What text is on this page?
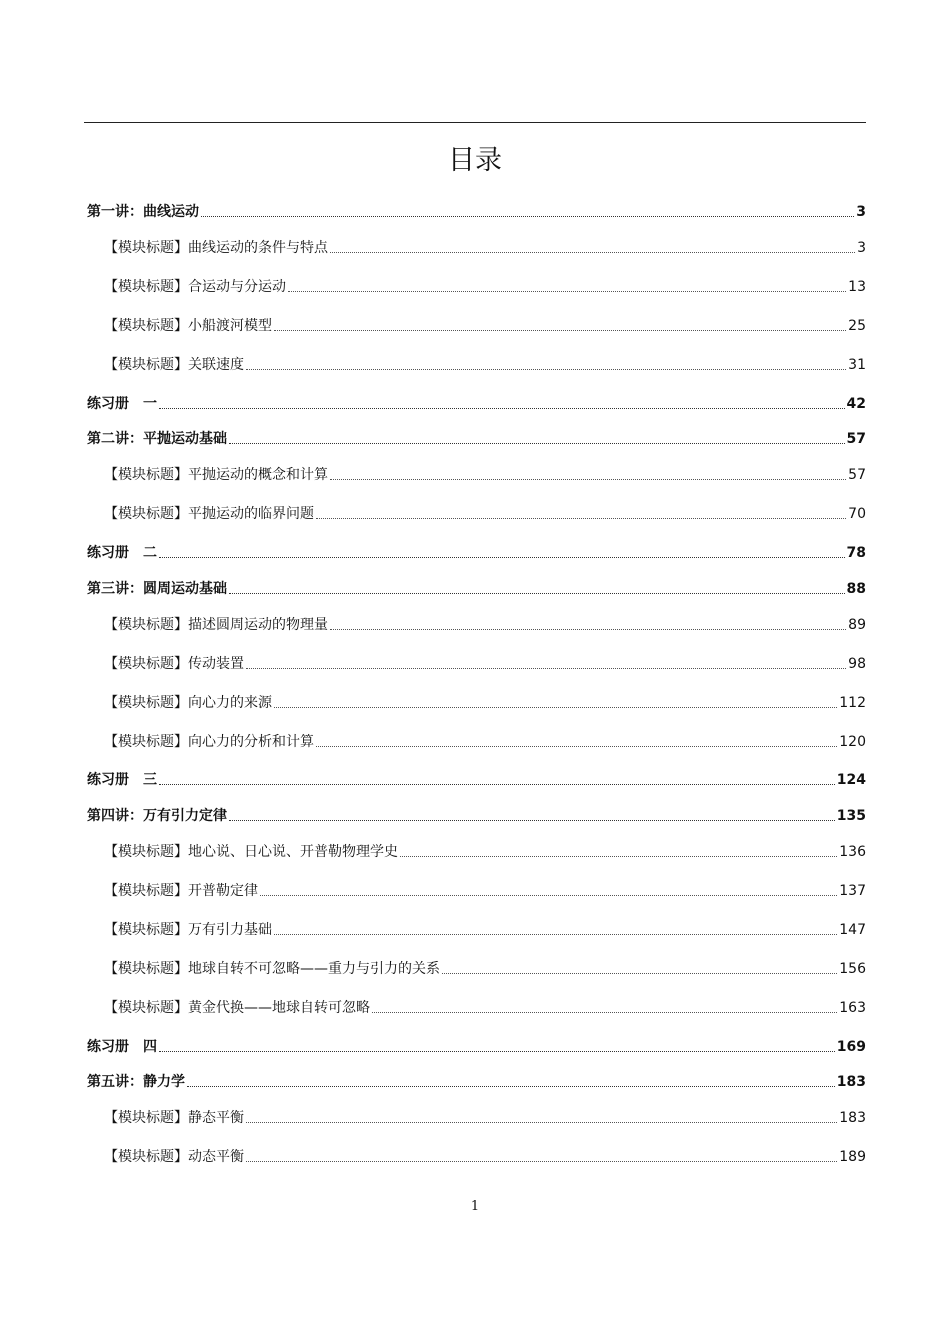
目录
第一讲：曲线运动	3
【模块标题】曲线运动的条件与特点	3
【模块标题】合运动与分运动	13
【模块标题】小船渡河模型	25
【模块标题】关联速度	31
练习册　一	42
第二讲：平抛运动基础	57
【模块标题】平抛运动的概念和计算	57
【模块标题】平抛运动的临界问题	70
练习册　二	78
第三讲：圆周运动基础	88
【模块标题】描述圆周运动的物理量	89
【模块标题】传动装置	98
【模块标题】向心力的来源	112
【模块标题】向心力的分析和计算	120
练习册　三	124
第四讲：万有引力定律	135
【模块标题】地心说、日心说、开普勒物理学史	136
【模块标题】开普勒定律	137
【模块标题】万有引力基础	147
【模块标题】地球自转不可忽略——重力与引力的关系	156
【模块标题】黄金代换——地球自转可忽略	163
练习册　四	169
第五讲：静力学	183
【模块标题】静态平衡	183
【模块标题】动态平衡	189
1
